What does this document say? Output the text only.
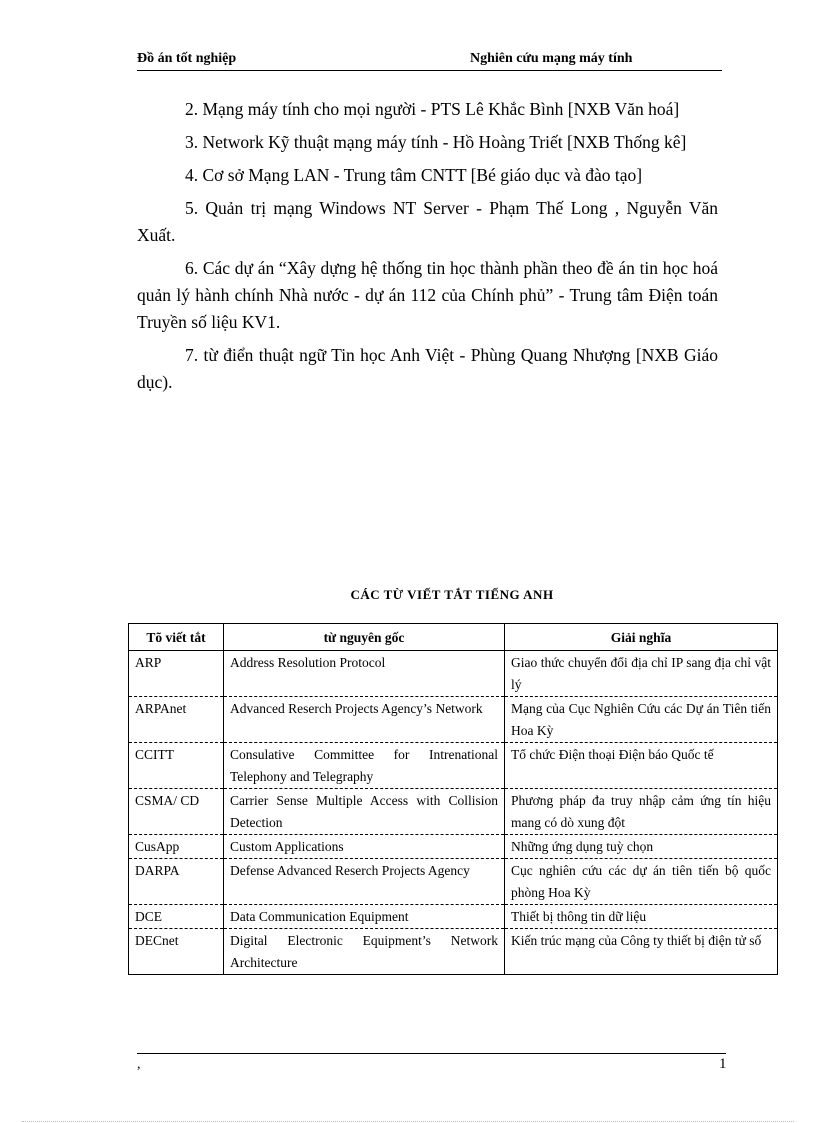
Đồ án tốt nghiệp	Nghiên cứu mạng máy tính

2. Mạng máy tính cho mọi người - PTS Lê Khắc Bình [NXB Văn hoá]

3. Network Kỹ thuật mạng máy tính - Hồ Hoàng Triết [NXB Thống kê]

4. Cơ sở Mạng LAN - Trung tâm CNTT [Bé giáo dục và đào tạo]

5. Quản trị mạng Windows NT Server - Phạm Thế Long , Nguyễn Văn Xuất.

6. Các dự án “Xây dựng hệ thống tin học thành phần theo đề án tin học hoá quản lý hành chính Nhà nước - dự án 112 của Chính phủ” - Trung tâm Điện toán Truyền số liệu KV1.

7. từ điển thuật ngữ Tin học Anh Việt - Phùng Quang Nhượng [NXB Giáo dục).

CÁC TỪ VIẾT TẮT TIẾNG ANH
Tõ viết tắt	từ nguyên gốc	Giải nghĩa
ARP	Address Resolution Protocol	Giao thức chuyển đổi địa chỉ IP sang địa chỉ vật lý
ARPAnet	Advanced Reserch Projects Agency’s Network	Mạng của Cục Nghiên Cứu các Dự án Tiên tiến Hoa Kỳ
CCITT	Consulative Committee for Intrenational Telephony and Telegraphy	Tổ chức Điện thoại Điện báo Quốc tế
CSMA/ CD	Carrier Sense Multiple Access with Collision Detection	Phương pháp đa truy nhập cảm ứng tín hiệu mang có dò xung đột
CusApp	Custom Applications	Những ứng dụng tuỳ chọn
DARPA	Defense Advanced Reserch Projects Agency	Cục nghiên cứu các dự án tiên tiến bộ quốc phòng Hoa Kỳ
DCE	Data Communication Equipment	Thiết bị thông tin dữ liệu
DECnet	Digital Electronic Equipment’s Network Architecture	Kiến trúc mạng của Công ty thiết bị điện tử số
,	1
